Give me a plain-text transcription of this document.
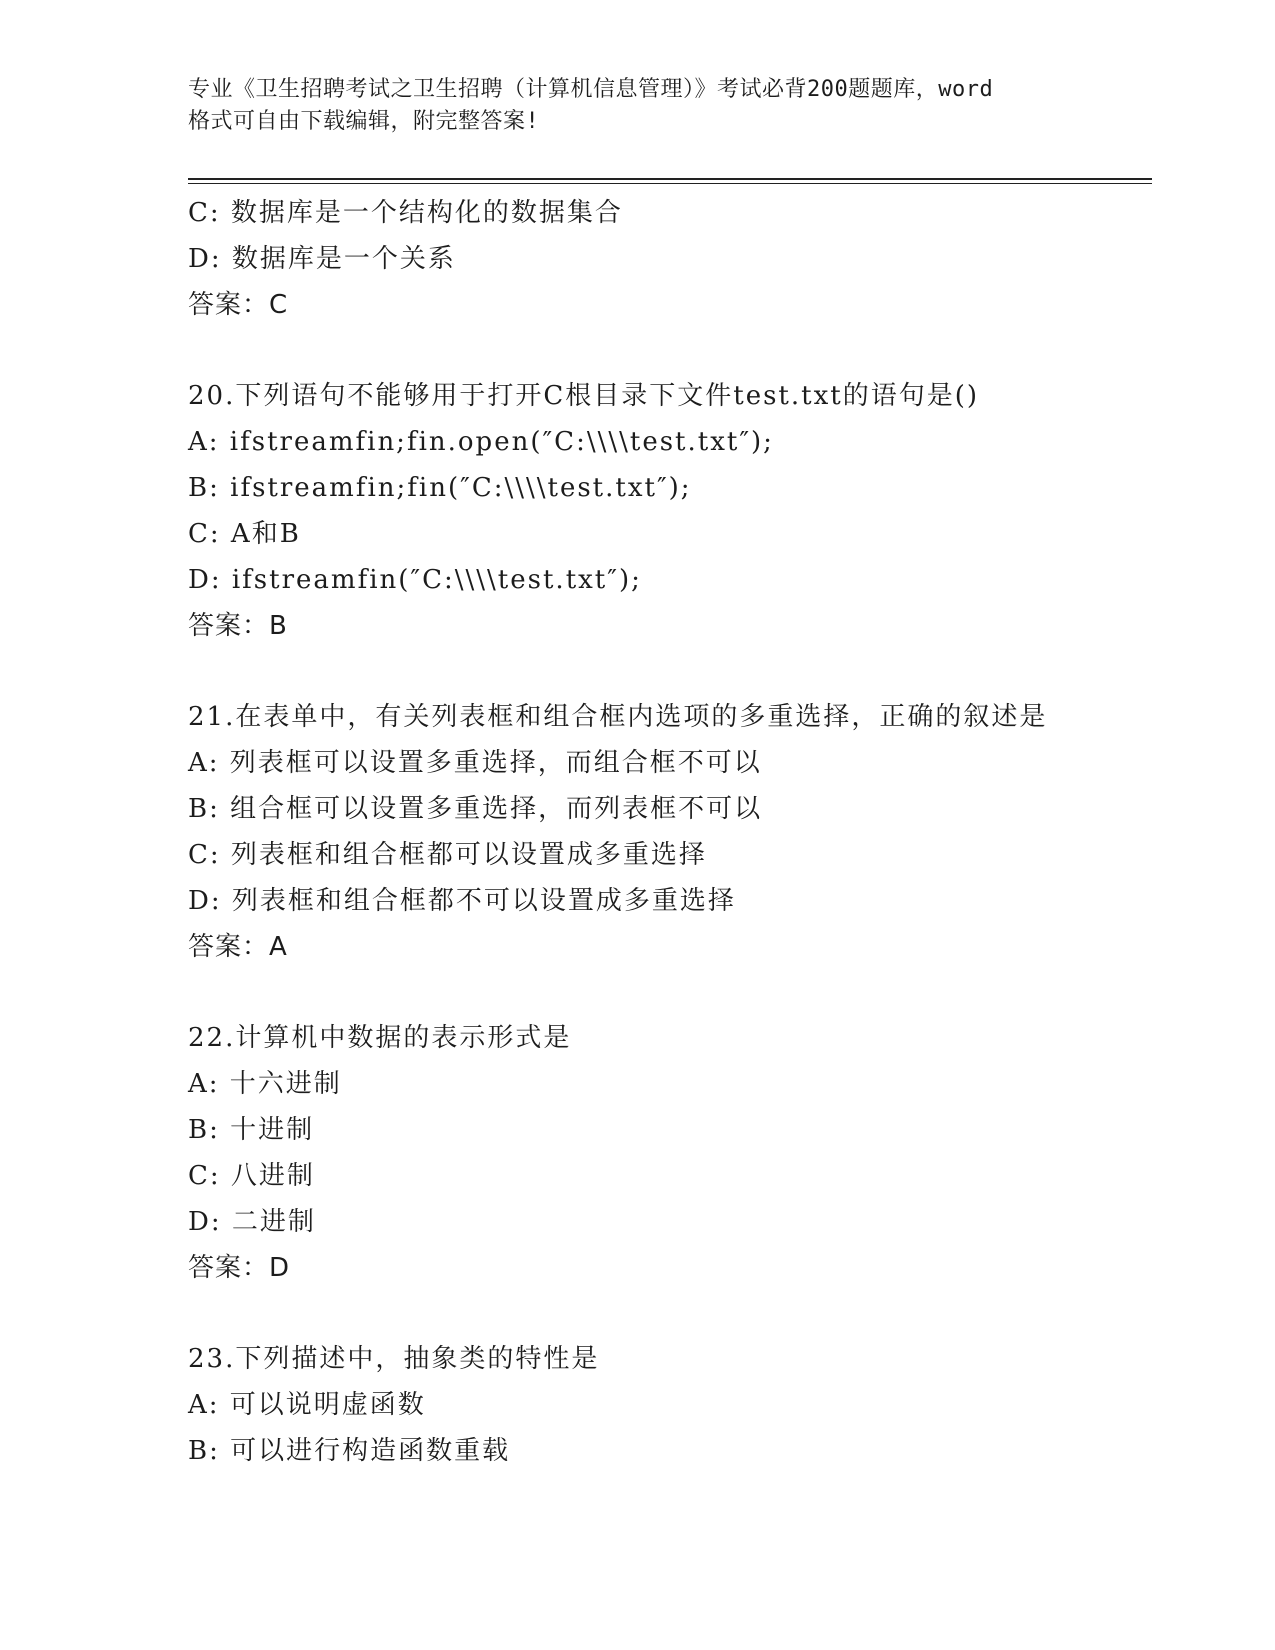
专业《卫生招聘考试之卫生招聘（计算机信息管理）》考试必背200题题库，word
格式可自由下载编辑，附完整答案!
C: 数据库是一个结构化的数据集合
D: 数据库是一个关系
答案：C
20.下列语句不能够用于打开C根目录下文件test.txt的语句是()
A: ifstreamfin;fin.open(″C:\\\\test.txt″);
B: ifstreamfin;fin(″C:\\\\test.txt″);
C: A和B
D: ifstreamfin(″C:\\\\test.txt″);
答案：B
21.在表单中，有关列表框和组合框内选项的多重选择，正确的叙述是
A: 列表框可以设置多重选择，而组合框不可以
B: 组合框可以设置多重选择，而列表框不可以
C: 列表框和组合框都可以设置成多重选择
D: 列表框和组合框都不可以设置成多重选择
答案：A
22.计算机中数据的表示形式是
A: 十六进制
B: 十进制
C: 八进制
D: 二进制
答案：D
23.下列描述中，抽象类的特性是
A: 可以说明虚函数
B: 可以进行构造函数重载
